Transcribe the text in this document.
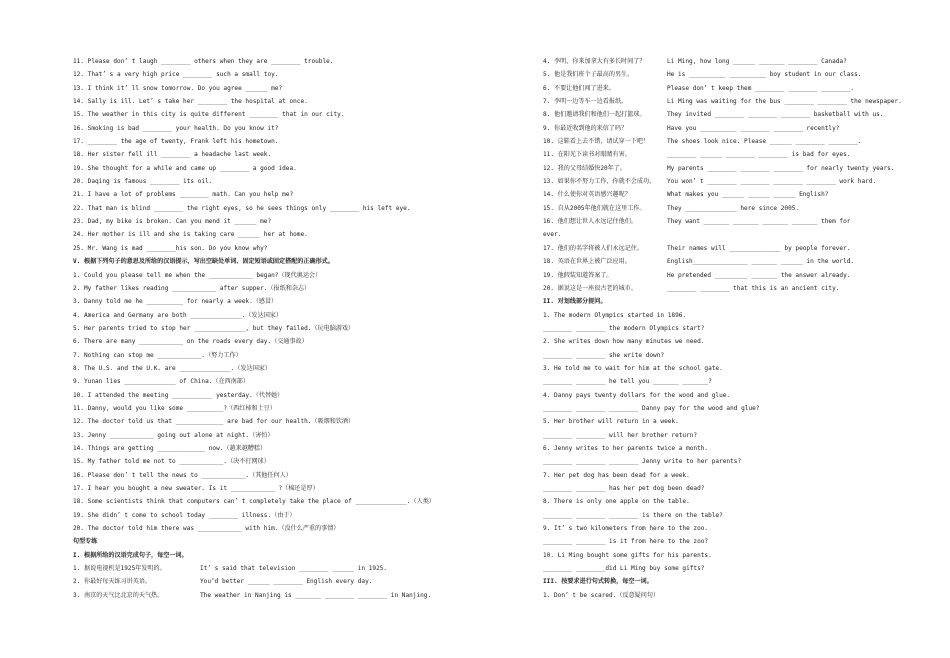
11. Please don’ t laugh ________ others when they are ________ trouble.
12. That’ s a very high price ________ such a small toy.
13. I think it’ ll snow tomorrow. Do you agree ______ me?
14. Sally is ill. Let’ s take her ________ the hospital at once.
15. The weather in this city is quite different ________ that in our city.
16. Smoking is bad ________ your health. Do you know it?
17. ________ the age of twenty, Frank left his hometown.
18. Her sister fell ill ________ a headache last week.
19. She thought for a while and came up ________ a good idea.
20. Daqing is famous ________ its oil.
21. I have a lot of problems ________ math. Can you help me?
22. That man is blind ________ the right eyes, so he sees things only ________ his left eye.
23. Dad, my bike is broken. Can you mend it ______ me?
24. Her mother is ill and she is taking care ______ her at home.
25. Mr. Wang is mad ________his son. Do you know why?
V. 根据下列句子的意思及所给的汉语提示，写出空缺处单词、固定短语或固定搭配的正确形式。
1. Could you please tell me when the ____________ began?（现代奥运会）
2. My father likes reading ____________ after supper.（报纸和杂志）
3. Danny told me he __________ for nearly a week.（感冒）
4. America and Germany are both ______________.（发达国家）
5. Her parents tried to stop her ______________, but they failed.（玩电脑游戏）
6. There are many ____________ on the roads every day.（交通事故）
7. Nothing can stop me ____________.（努力工作）
8. The U.S. and the U.K. are ______________.（发达国家）
9. Yunan lies ______________ of China.（在西南部）
10. I attended the meeting ___________ yesterday.（代替她）
11. Danny, would you like some __________?（西红柿和土豆）
12. The doctor told us that _____________ are bad for our health.（吸烟和饮酒）
13. Jenny ____________ going out alone at night.（害怕）
14. Things are getting _____________ now.（越来越糟糕）
15. My father told me not to ____________.（决不打网球）
16. Please don’ t tell the news to ____________.（其他任何人）
17. I hear you bought a new sweater. Is it ____________ ?（棉还是厚）
18. Some scientists think that computers can’ t completely take the place of ______________.（人类）
19. She didn’ t come to school today ________ illness.（由于）
20. The doctor told him there was ____________ with him.（没什么严重的事情）
句型专练
I. 根据所给的汉语完成句子，每空一词。
1. 据说电视机是1925年发明的。	It’ s said that television ________ ______ in 1925.
2. 你最好每天练习讲英语。	You’d better ______ ________ English every day.
3. 南京的天气比北京的天气热。	The weather in Nanjing is _______ ________ ________ in Nanjing.
4. 李明，你来加拿大有多长时间了？	Li Ming, how long ______ _______ ________ Canada?
5. 他是我们班个子最高的男生。	He is __________ __________ boy student in our class.
6. 不要让他们闯了进来。	Please don’ t keep them ________ ________ ________.
7. 李明一边等车一边看报纸。	Li Ming was waiting for the bus ________ ________ the newspaper.
8. 他们邀请我们和他们一起打篮球。	They invited ________ ________ ________ basketball with us.
9. 你最近收到他的来信了吗？	Have you __________ ________ ________ recently?
10. 这鞋看上去不错，请试穿一下吧！	The shoes look nice. Please ______ ________ ________.
11. 在阳光下读书对眼睛有害。	________ ______ ________ ________ is bad for eyes.
12. 我的父母结婚快20年了。	My parents ________ ________ ________ for nearly twenty years.
13. 如果你不努力工作，你就不会成功。 You won’ t ________ ________ ________ ________ work hard.
14. 什么使你对英语感兴趣呢？	What makes you ______ ______ ______ English?
15. 自从2005年他们就在这里工作。	They ______________ here since 2005.
16. 他们想让世人永远记住他们。	They want _______ _______ _______ _______ them for
ever.
17. 他们的名字将被人们永远记住。	Their names will ______________ by people forever.
18. 英语在世界上被广泛应用。	English_______________ _______ ______ in the world.
19. 他假装知道答案了。	He pretended _________ _______ the answer already.
20. 据说这是一座很古老的城市。	________ ________ that this is an ancient city.
II. 对划线部分提问。
1. The modern Olympics started in 1896.
________ ________ the modern Olympics start?
2. She writes down how many minutes we need.
________ ________ she write down?
3. He told me to wait for him at the school gate.
________ ________ he tell you _______ _______?
4. Danny pays twenty dollars for the wood and glue.
________ ________ ________ Danny pay for the wood and glue?
5. Her brother will return in a week.
________ ________ will her brother return?
6. Jenny writes to her parents twice a month.
________ ________ ________ Jenny write to her parents?
7. Her pet dog has been dead for a week.
________ ________ has her pet dog been dead?
8. There is only one apple on the table.
________ ________ ________ is there on the table?
9. It’ s two kilometers from here to the zoo.
________ ________ is it from here to the zoo?
10. Li Ming bought some gifts for his parents.
________ ________did Li Ming buy some gifts?
III. 按要求进行句式转换，每空一词。
1. Don’ t be scared.（反意疑问句）
